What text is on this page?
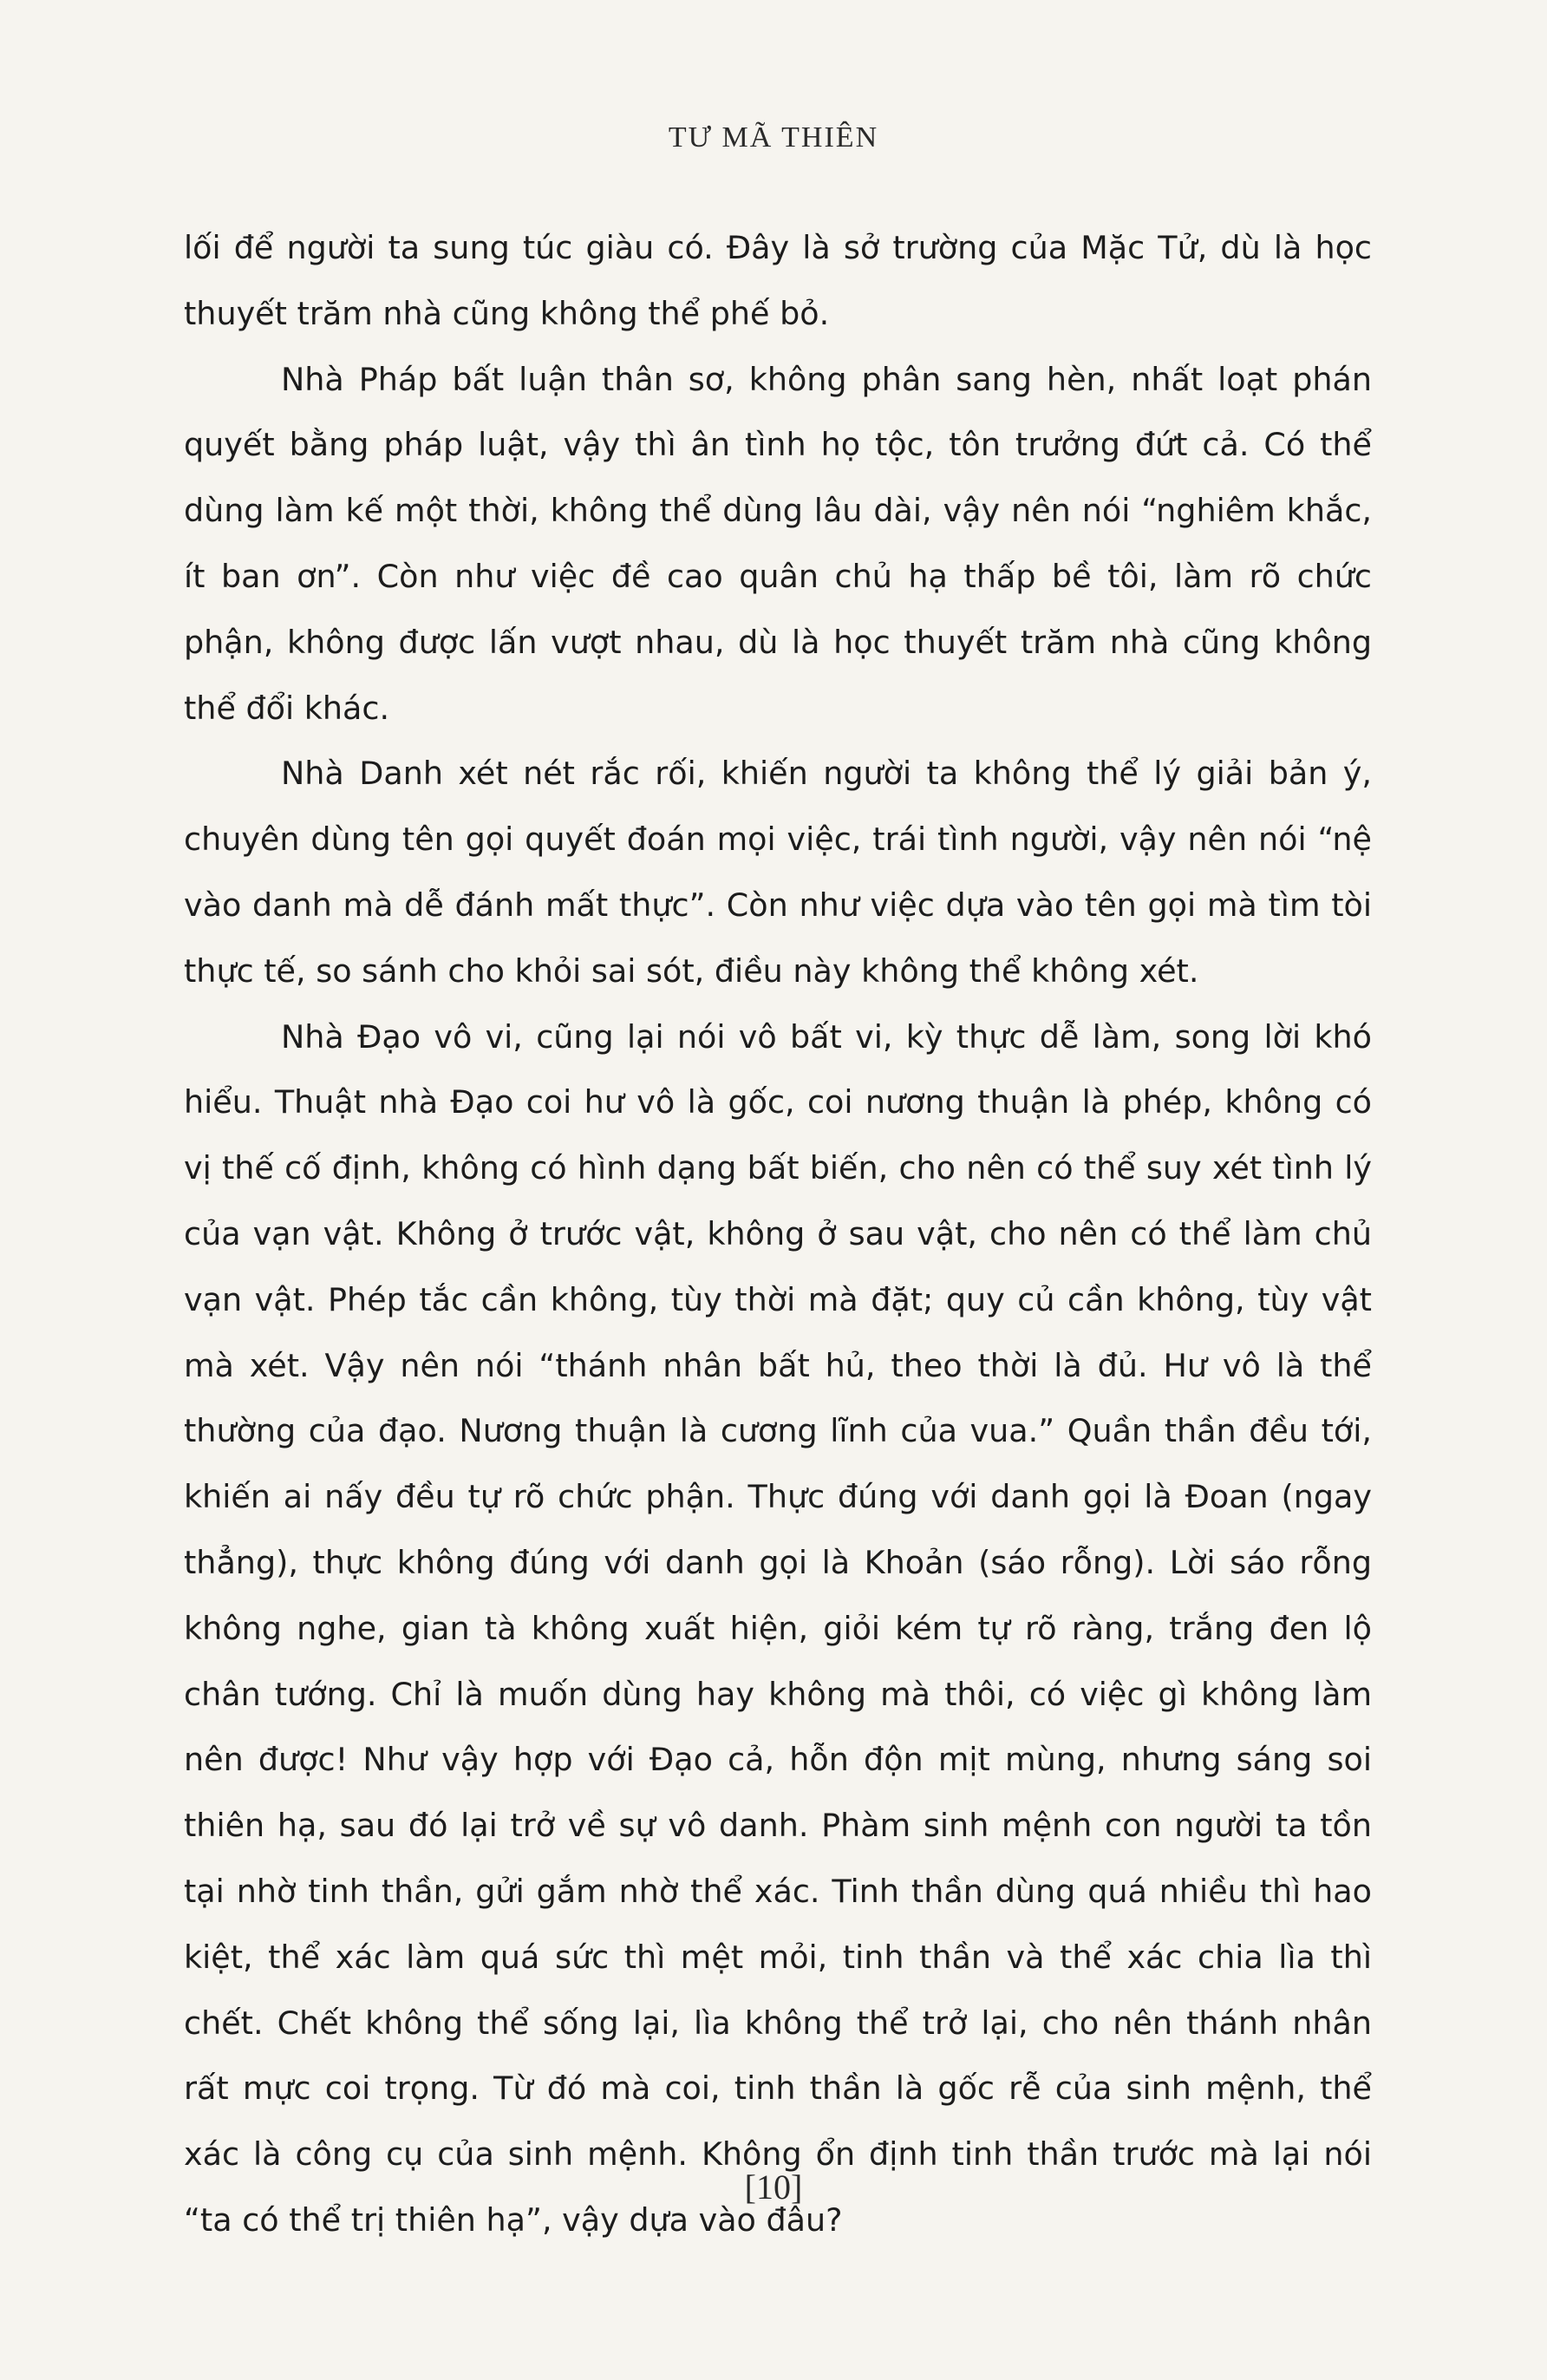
TƯ MÃ THIÊN

lối để người ta sung túc giàu có. Đây là sở trường của Mặc Tử, dù là học thuyết trăm nhà cũng không thể phế bỏ.

Nhà Pháp bất luận thân sơ, không phân sang hèn, nhất loạt phán quyết bằng pháp luật, vậy thì ân tình họ tộc, tôn trưởng đứt cả. Có thể dùng làm kế một thời, không thể dùng lâu dài, vậy nên nói “nghiêm khắc, ít ban ơn”. Còn như việc đề cao quân chủ hạ thấp bề tôi, làm rõ chức phận, không được lấn vượt nhau, dù là học thuyết trăm nhà cũng không thể đổi khác.

Nhà Danh xét nét rắc rối, khiến người ta không thể lý giải bản ý, chuyên dùng tên gọi quyết đoán mọi việc, trái tình người, vậy nên nói “nệ vào danh mà dễ đánh mất thực”. Còn như việc dựa vào tên gọi mà tìm tòi thực tế, so sánh cho khỏi sai sót, điều này không thể không xét.

Nhà Đạo vô vi, cũng lại nói vô bất vi, kỳ thực dễ làm, song lời khó hiểu. Thuật nhà Đạo coi hư vô là gốc, coi nương thuận là phép, không có vị thế cố định, không có hình dạng bất biến, cho nên có thể suy xét tình lý của vạn vật. Không ở trước vật, không ở sau vật, cho nên có thể làm chủ vạn vật. Phép tắc cần không, tùy thời mà đặt; quy củ cần không, tùy vật mà xét. Vậy nên nói “thánh nhân bất hủ, theo thời là đủ. Hư vô là thể thường của đạo. Nương thuận là cương lĩnh của vua.” Quần thần đều tới, khiến ai nấy đều tự rõ chức phận. Thực đúng với danh gọi là Đoan (ngay thẳng), thực không đúng với danh gọi là Khoản (sáo rỗng). Lời sáo rỗng không nghe, gian tà không xuất hiện, giỏi kém tự rõ ràng, trắng đen lộ chân tướng. Chỉ là muốn dùng hay không mà thôi, có việc gì không làm nên được! Như vậy hợp với Đạo cả, hỗn độn mịt mùng, nhưng sáng soi thiên hạ, sau đó lại trở về sự vô danh. Phàm sinh mệnh con người ta tồn tại nhờ tinh thần, gửi gắm nhờ thể xác. Tinh thần dùng quá nhiều thì hao kiệt, thể xác làm quá sức thì mệt mỏi, tinh thần và thể xác chia lìa thì chết. Chết không thể sống lại, lìa không thể trở lại, cho nên thánh nhân rất mực coi trọng. Từ đó mà coi, tinh thần là gốc rễ của sinh mệnh, thể xác là công cụ của sinh mệnh. Không ổn định tinh thần trước mà lại nói “ta có thể trị thiên hạ”, vậy dựa vào đâu?

[10]
